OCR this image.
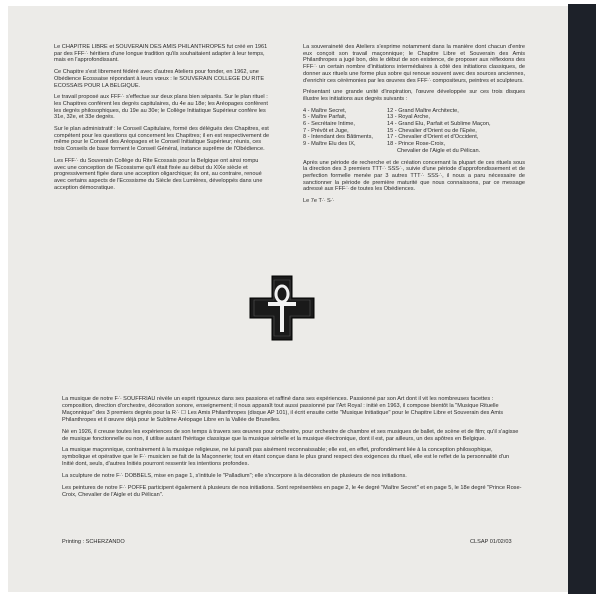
Le CHAPITRE LIBRE et SOUVERAIN DES AMIS PHILANTHROPES fut créé en 1961 par des FFF∴ héritiers d'une longue tradition qu'ils souhaitaient adapter à leur temps, mais en l'approfondissant.

Ce Chapitre s'est librement fédéré avec d'autres Ateliers pour fonder, en 1962, une Obédience Ecossaise répondant à leurs vœux : le SOUVERAIN COLLEGE DU RITE ECOSSAIS POUR LA BELGIQUE.

Le travail proposé aux FFF∴ s'effectue sur deux plans bien séparés. Sur le plan rituel : les Chapitres confèrent les degrés capitulaires, du 4e au 18e; les Aréopages confèrent les degrés philosophiques, du 19e au 30e; le Collège Initiatique Supérieur confère les 31e, 32e, et 33e degrés.

Sur le plan administratif : le Conseil Capitulaire, formé des délégués des Chapitres, est compétent pour les questions qui concernent les Chapitres; il en est respectivement de même pour le Conseil des Aréopages et le Conseil Initiatique Supérieur; réunis, ces trois Conseils de base forment le Conseil Général, instance suprême de l'Obédience.

Les FFF∴ du Souverain Collège du Rite Ecossais pour la Belgique ont ainsi rompu avec une conception de l'Ecossisme qu'il était fixée au début du XIXe siècle et progressivement figée dans une acception oligarchique; ils ont, au contraire, renoué avec certains aspects de l'Ecossisme du Siècle des Lumières, développés dans une acception démocratique.

La souveraineté des Ateliers s'exprime notamment dans la manière dont chacun d'entre eux conçoit son travail maçonnique; le Chapitre Libre et Souverain des Amis Philanthropes a jugé bon, dès le début de son existence, de proposer aux réflexions des FFF∴ un certain nombre d'initiations intermédiaires à côté des initiations classiques, de donner aux rituels une forme plus sobre qui renoue souvent avec des sources anciennes, d'enrichir ces cérémonies par les œuvres des FFF∴ compositeurs, peintres et sculpteurs.

Présentant une grande unité d'inspiration, l'œuvre développée sur ces trois disques illustre les initiations aux degrés suivants :

4 - Maître Secret,
5 - Maître Parfait,
6 - Secrétaire Intime,
7 - Prévôt et Juge,
8 - Intendant des Bâtiments,
9 - Maître Elu des IX,
12 - Grand Maître Architecte,
13 - Royal Arche,
14 - Grand Elu, Parfait et Sublime Maçon,
15 - Chevalier d'Orient ou de l'Epée,
17 - Chevalier d'Orient et d'Occident,
18 - Prince Rose-Croix,
Chevalier de l'Aigle et du Pélican.

Après une période de recherche et de création concernant la plupart de ces rituels sous la direction des 3 premiers TTT∴ SSS∴, suivie d'une période d'approfondissement et de perfection formelle menée par 3 autres TTT∴ SSS∴, il nous a paru nécessaire de sanctionner la période de première maturité que nous connaissons, par ce message adressé aux FFF∴ de toutes les Obédiences.

Le 7e T∴ S∴

La musique de notre F∴ SOUFFRIAU révèle un esprit rigoureux dans ses passions et raffiné dans ses expériences. Passionné par son Art dont il vit les nombreuses facettes : composition, direction d'orchestre, décoration sonore, enseignement; il nous apparaît tout aussi passionné par l'Art Royal : initié en 1963, il compose bientôt la "Musique Rituelle Maçonnique" des 3 premiers degrés pour la R∴ ☐ Les Amis Philanthropes (disque AP 101), il écrit ensuite cette "Musique Initiatique" pour le Chapitre Libre et Souverain des Amis Philanthropes et il œuvre déjà pour le Sublime Aréopage Libre en la Vallée de Bruxelles.

Né en 1926, il creuse toutes les expériences de son temps à travers ses œuvres pour orchestre, pour orchestre de chambre et ses musiques de ballet, de scène et de film; qu'il s'agisse de musique fonctionnelle ou non, il utilise autant l'héritage classique que la musique sérielle et la musique électronique, dont il est, par ailleurs, un des apôtres en Belgique.

La musique maçonnique, contrairement à la musique religieuse, ne lui paraît pas aisément reconnaissable; elle est, en effet, profondément liée à la conception philosophique, symbolique et opérative que le F∴ musicien se fait de la Maçonnerie; tout en étant conçue dans le plus grand respect des exigences du rituel, elle est le reflet de la personnalité d'un Initié dont, seuls, d'autres Initiés pourront ressentir les intentions profondes.

La sculpture de notre F∴ DOBBELS, mise en page 1, s'intitule le "Palladium"; elle s'incorpore à la décoration de plusieurs de nos initiations.

Les peintures de notre F∴ POFFE participent également à plusieurs de nos initiations. Sont représentées en page 2, le 4e degré "Maître Secret" et en page 5, le 18e degré "Prince Rose-Croix, Chevalier de l'Aigle et du Pélican".

Printing : SCHERZANDO	CLSAP 01/02/03
